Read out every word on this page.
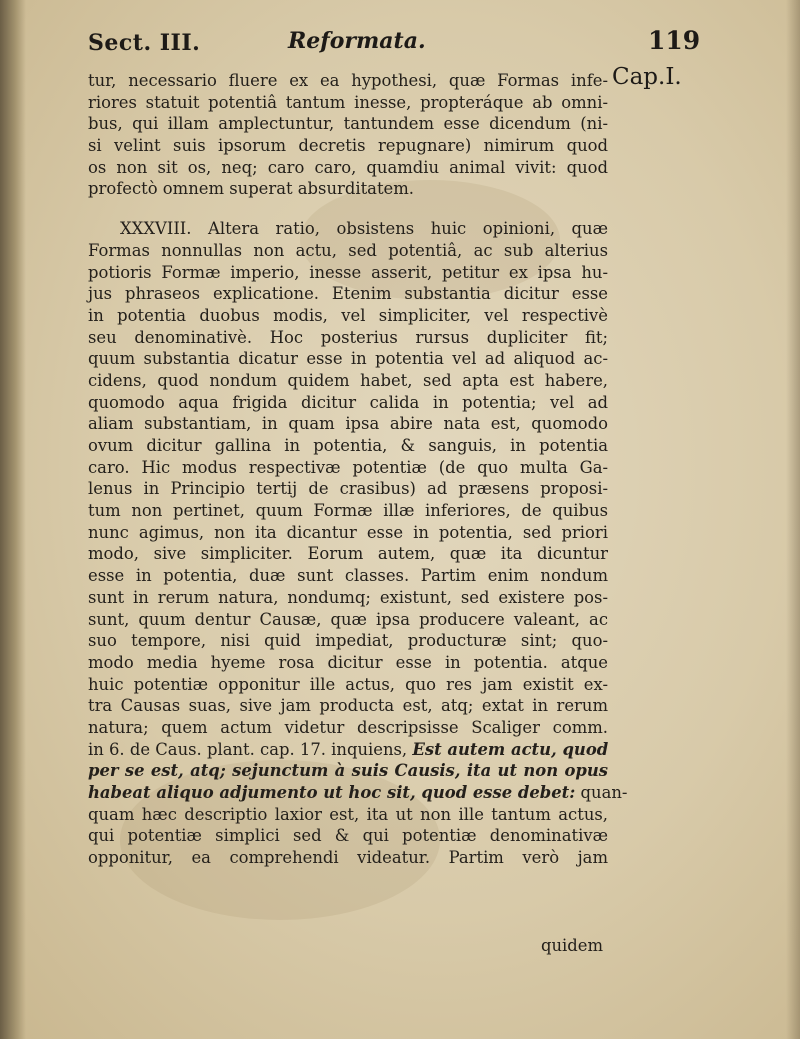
Sect. III.	Reformata.	119
Cap.I.
tur, necessario fluere ex ea hypothesi, quæ Formas infe-
riores statuit potentiâ tantum inesse, propteráque ab omni-
bus, qui illam amplectuntur, tantundem esse dicendum (ni-
si velint suis ipsorum decretis repugnare) nimirum quod
os non sit os, neq; caro caro, quamdiu animal vivit: quod
profectò omnem superat absurditatem.
XXXVIII. Altera ratio, obsistens huic opinioni, quæ
Formas nonnullas non actu, sed potentiâ, ac sub alterius
potioris Formæ imperio, inesse asserit, petitur ex ipsa hu-
jus phraseos explicatione. Etenim substantia dicitur esse
in potentia duobus modis, vel simpliciter, vel respectivè
seu denominativè. Hoc posterius rursus dupliciter fit;
quum substantia dicatur esse in potentia vel ad aliquod ac-
cidens, quod nondum quidem habet, sed apta est habere,
quomodo aqua frigida dicitur calida in potentia; vel ad
aliam substantiam, in quam ipsa abire nata est, quomodo
ovum dicitur gallina in potentia, & sanguis, in potentia
caro. Hic modus respectivæ potentiæ (de quo multa Ga-
lenus in Principio tertij de crasibus) ad præsens proposi-
tum non pertinet, quum Formæ illæ inferiores, de quibus
nunc agimus, non ita dicantur esse in potentia, sed priori
modo, sive simpliciter. Eorum autem, quæ ita dicuntur
esse in potentia, duæ sunt classes. Partim enim nondum
sunt in rerum natura, nondumq; existunt, sed existere pos-
sunt, quum dentur Causæ, quæ ipsa producere valeant, ac
suo tempore, nisi quid impediat, producturæ sint; quo-
modo media hyeme rosa dicitur esse in potentia. atque
huic potentiæ opponitur ille actus, quo res jam existit ex-
tra Causas suas, sive jam producta est, atq; extat in rerum
natura; quem actum videtur descripsisse Scaliger comm.
in 6. de Caus. plant. cap. 17. inquiens, Est autem actu, quod
per se est, atq; sejunctum à suis Causis, ita ut non opus
habeat aliquo adjumento ut hoc sit, quod esse debet: quan-
quam hæc descriptio laxior est, ita ut non ille tantum actus,
qui potentiæ simplici sed & qui potentiæ denominativæ
opponitur, ea comprehendi videatur. Partim verò jam
quidem
